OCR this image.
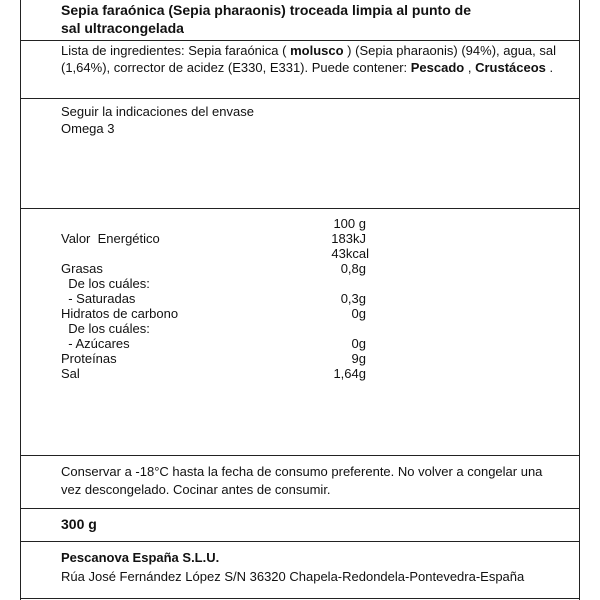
Sepia faraónica (Sepia pharaonis) troceada limpia al punto de
sal ultracongelada
Lista de ingredientes: Sepia faraónica ( molusco ) (Sepia pharaonis) (94%), agua, sal (1,64%), corrector de acidez (E330, E331). Puede contener: Pescado , Crustáceos .
Seguir la indicaciones del envase
Omega 3
100 g
Valor  Energético	183kJ
43kcal
Grasas	0,8g
De los cuáles:
- Saturadas	0,3g
Hidratos de carbono	0g
De los cuáles:
- Azúcares	0g
Proteínas	9g
Sal	1,64g
Conservar a -18°C hasta la fecha de consumo preferente. No volver a congelar una vez descongelado. Cocinar antes de consumir.
300 g
Pescanova España S.L.U.
Rúa José Fernández López S/N 36320 Chapela-Redondela-Pontevedra-España
